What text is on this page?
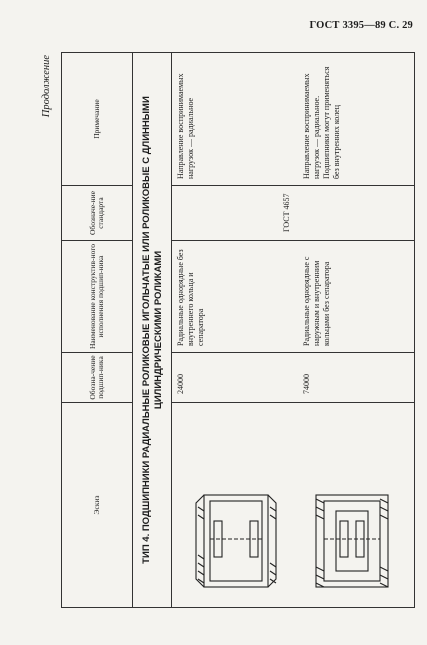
ГОСТ 3395—89 С. 29
Продолжение
Эскиз	Обозна-чение подшип-ника	Наименование конструктив-ного исполнения подшип-ника	Обозначе-ние стандарта	Примечание
ТИП 4. ПОДШИПНИКИ РАДИАЛЬНЫЕ РОЛИКОВЫЕ ИГОЛЬЧАТЫЕ ИЛИ РОЛИКОВЫЕ С ДЛИННЫМИ ЦИЛИНДРИЧЕСКИМИ РОЛИКАМИ				
	24000	Радиальные однорядные без внутреннего кольца и сепаратора	ГОСТ 4657	Направление воспринимаемых нагрузок — радиальное
	74000	Радиальные однорядные с наружным и внутренним кольцами без сепаратора		Направление воспринимаемых нагрузок — радиальное. Подшипники могут применяться без внутренних колец
